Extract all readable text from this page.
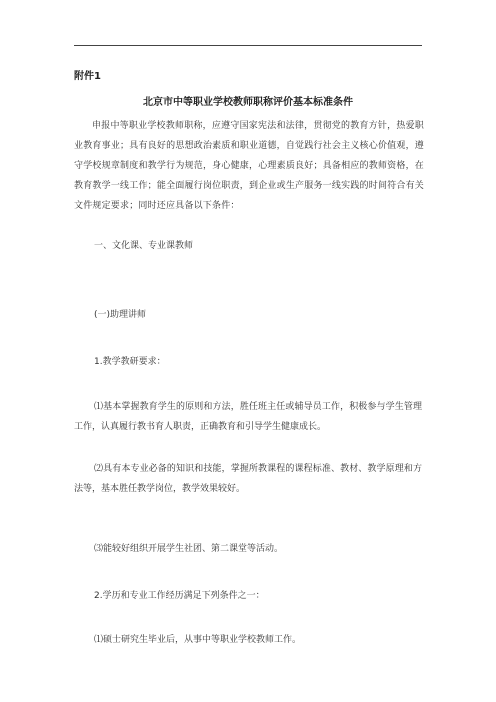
附件1
北京市中等职业学校教师职称评价基本标准条件
申报中等职业学校教师职称，应遵守国家宪法和法律，贯彻党的教育方针，热爱职业教育事业；具有良好的思想政治素质和职业道德，自觉践行社会主义核心价值观，遵守学校规章制度和教学行为规范，身心健康，心理素质良好；具备相应的教师资格，在教育教学一线工作；能全面履行岗位职责，到企业或生产服务一线实践的时间符合有关文件规定要求；同时还应具备以下条件：
一、文化课、专业课教师
(一)助理讲师
1.教学教研要求：
⑴基本掌握教育学生的原则和方法，胜任班主任或辅导员工作，积极参与学生管理工作，认真履行教书育人职责，正确教育和引导学生健康成长。
⑵具有本专业必备的知识和技能，掌握所教课程的课程标准、教材、教学原理和方法等，基本胜任教学岗位，教学效果较好。
⑶能较好组织开展学生社团、第二课堂等活动。
2.学历和专业工作经历满足下列条件之一：
⑴硕士研究生毕业后，从事中等职业学校教师工作。
